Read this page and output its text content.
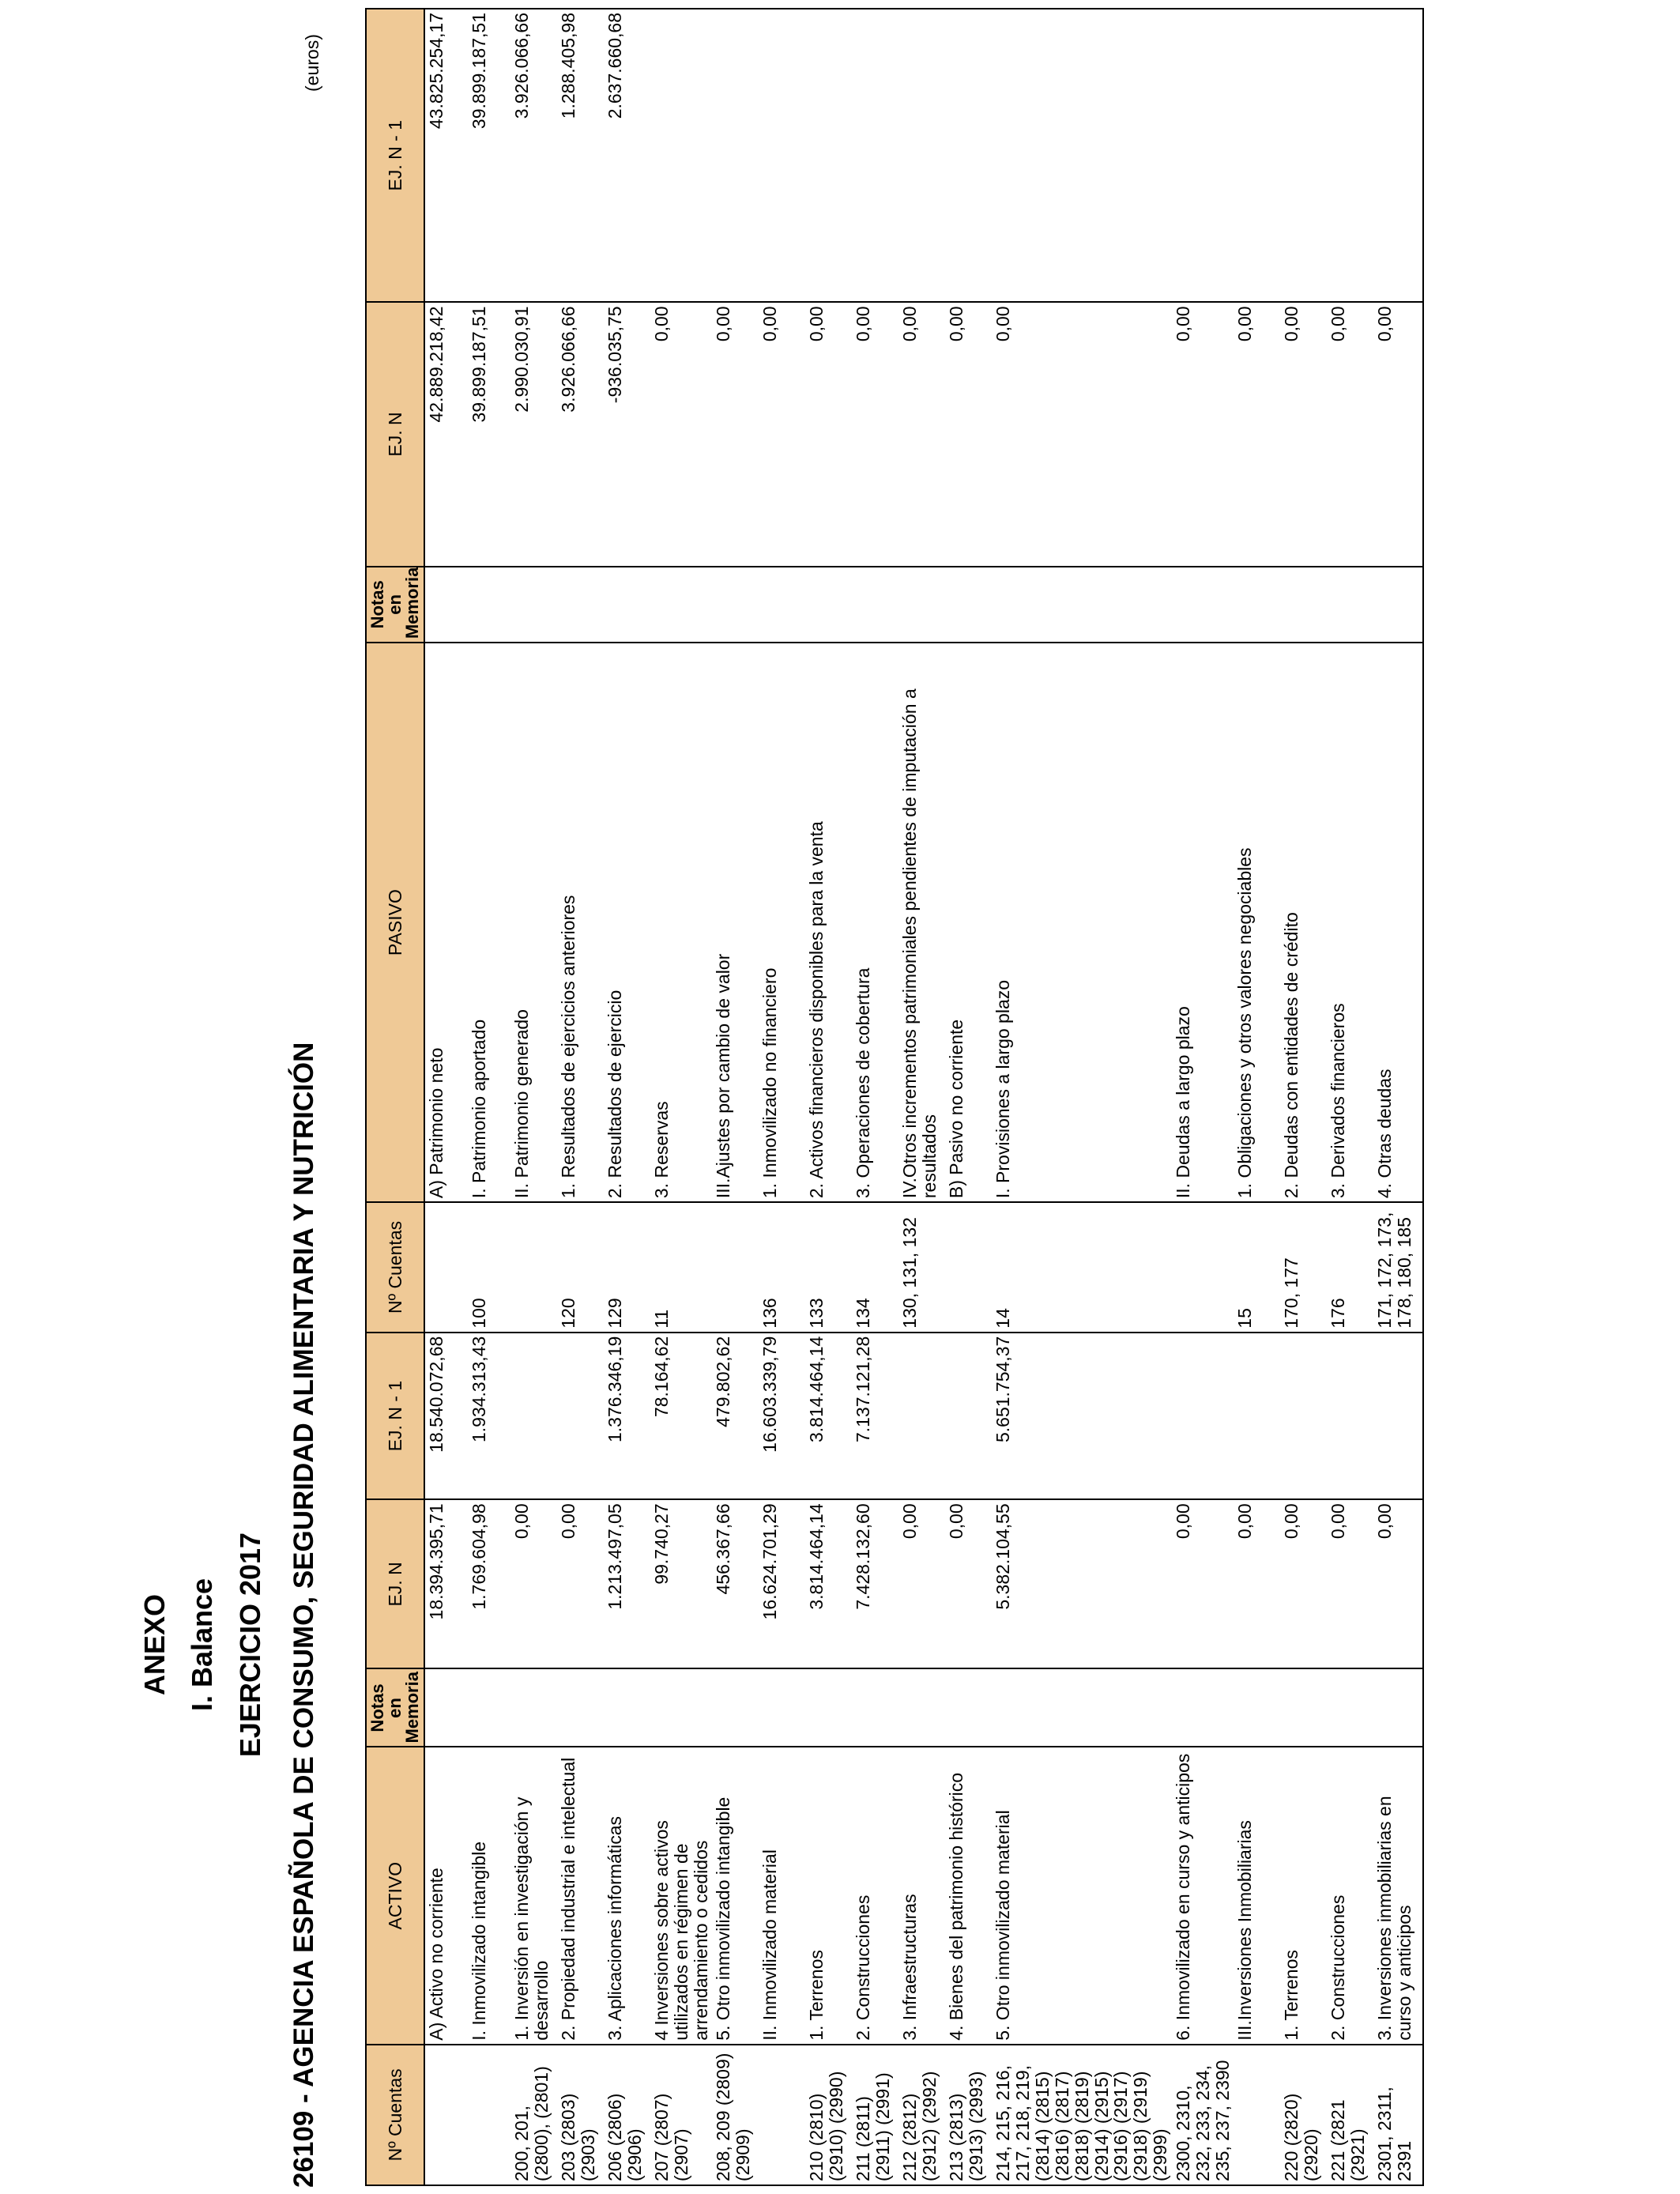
ANEXO I. Balance EJERCICIO 2017 26109 - AGENCIA ESPAÑOLA DE CONSUMO, SEGURIDAD ALIMENTARIA Y NUTRICIÓN
(euros)
Nº Cuentas	ACTIVO	Notas en Memoria	EJ. N	EJ. N - 1	Nº Cuentas	PASIVO	Notas en Memoria	EJ. N	EJ. N - 1
	A) Activo no corriente		18.394.395,71	18.540.072,68		A) Patrimonio neto		42.889.218,42	43.825.254,17
	I. Inmovilizado intangible		1.769.604,98	1.934.313,43	100	I. Patrimonio aportado		39.899.187,51	39.899.187,51
200, 201, (2800), (2801)	1. Inversión en investigación y desarrollo		0,00			II. Patrimonio generado		2.990.030,91	3.926.066,66
203 (2803) (2903)	2. Propiedad industrial e intelectual		0,00		120	1. Resultados de ejercicios anteriores		3.926.066,66	1.288.405,98
206 (2806) (2906)	3. Aplicaciones informáticas		1.213.497,05	1.376.346,19	129	2. Resultados de ejercicio		-936.035,75	2.637.660,68
207 (2807) (2907)	4 Inversiones sobre activos utilizados en régimen de arrendamiento o cedidos		99.740,27	78.164,62	11	3. Reservas		0,00	
208, 209 (2809) (2909)	5. Otro inmovilizado intangible		456.367,66	479.802,62		III.Ajustes por cambio de valor		0,00	
	II. Inmovilizado material		16.624.701,29	16.603.339,79	136	1. Inmovilizado no financiero		0,00	
210 (2810) (2910) (2990)	1. Terrenos		3.814.464,14	3.814.464,14	133	2. Activos financieros disponibles para la venta		0,00	
211 (2811) (2911) (2991)	2. Construcciones		7.428.132,60	7.137.121,28	134	3. Operaciones de cobertura		0,00	
212 (2812) (2912) (2992)	3. Infraestructuras		0,00		130, 131, 132	IV.Otros incrementos patrimoniales pendientes de imputación a resultados		0,00	
213 (2813) (2913) (2993)	4. Bienes del patrimonio histórico		0,00			B) Pasivo no corriente		0,00	
214, 215, 216, 217, 218, 219, (2814) (2815) (2816) (2817) (2818) (2819) (2914) (2915) (2916) (2917) (2918) (2919) (2999)	5. Otro inmovilizado material		5.382.104,55	5.651.754,37	14	I. Provisiones a largo plazo		0,00	
2300, 2310, 232, 233, 234, 235, 237, 2390	6. Inmovilizado en curso y anticipos		0,00			II. Deudas a largo plazo		0,00	
	III.Inversiones Inmobiliarias		0,00		15	1. Obligaciones y otros valores negociables		0,00	
220 (2820) (2920)	1. Terrenos		0,00		170, 177	2. Deudas con entidades de crédito		0,00	
221 (2821 (2921)	2. Construcciones		0,00		176	3. Derivados financieros		0,00	
2301, 2311, 2391	3. Inversiones inmobiliarias en curso y anticipos		0,00		171, 172, 173, 178, 180, 185	4. Otras deudas		0,00	
